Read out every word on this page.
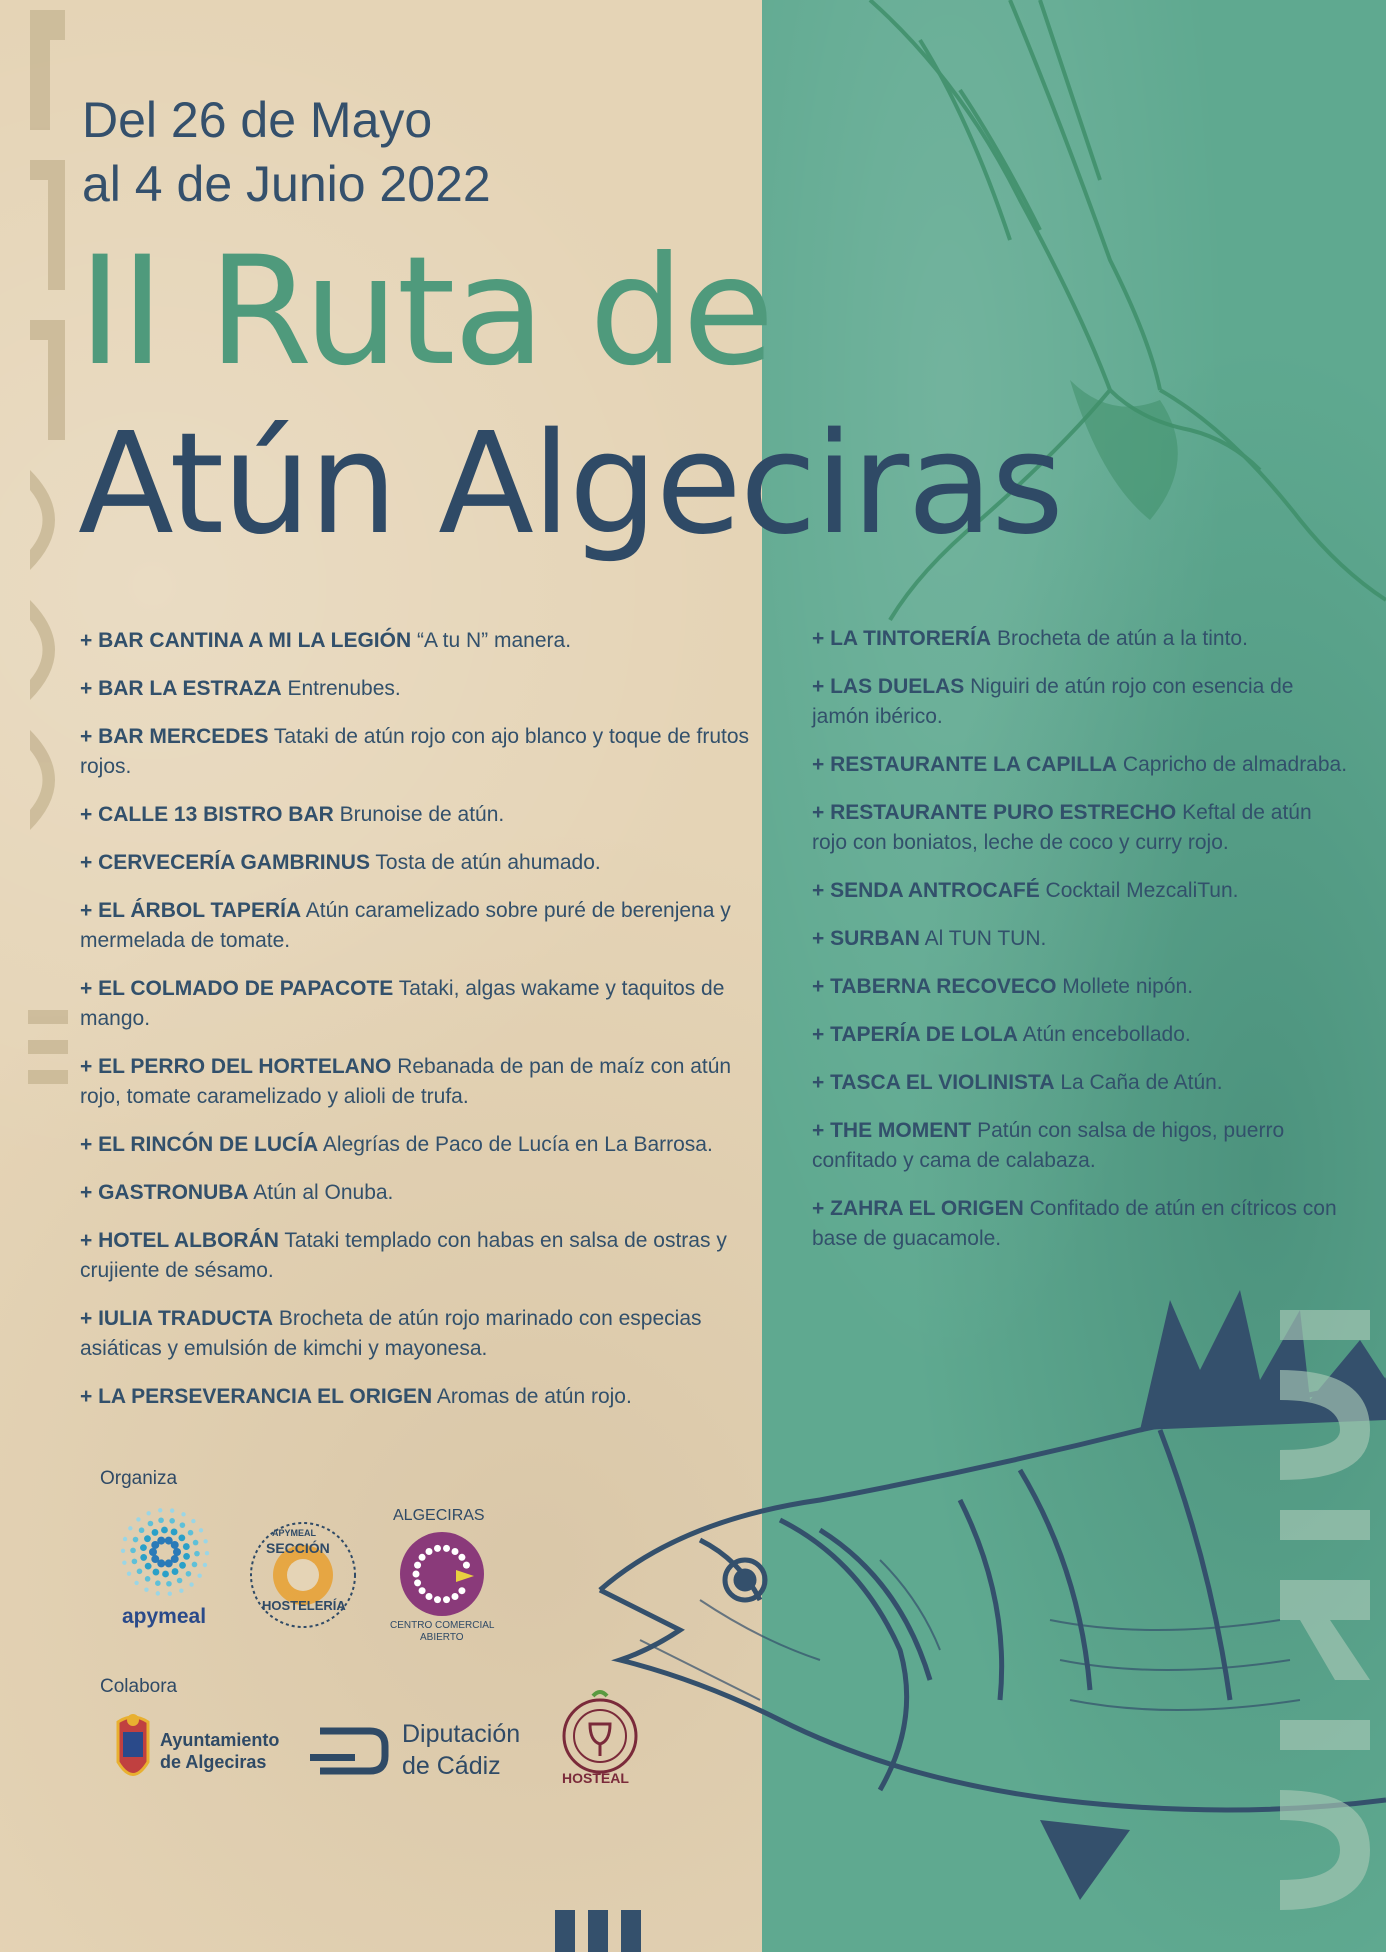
Del 26 de Mayo
al 4 de Junio 2022
II Ruta de
Atún Algeciras
+ BAR CANTINA A MI LA LEGIÓN “A tu N” manera.
+ BAR LA ESTRAZA Entrenubes.
+ BAR MERCEDES Tataki de atún rojo con ajo blanco y toque de frutos rojos.
+ CALLE 13 BISTRO BAR Brunoise de atún.
+ CERVECERÍA GAMBRINUS Tosta de atún ahumado.
+ EL ÁRBOL TAPERÍA Atún caramelizado sobre puré de berenjena y mermelada de tomate.
+ EL COLMADO DE PAPACOTE Tataki, algas wakame y taquitos de mango.
+ EL PERRO DEL HORTELANO Rebanada de pan de maíz con atún rojo, tomate caramelizado y alioli de trufa.
+ EL RINCÓN DE LUCÍA Alegrías de Paco de Lucía en La Barrosa.
+ GASTRONUBA Atún al Onuba.
+ HOTEL ALBORÁN Tataki templado con habas en salsa de ostras y crujiente de sésamo.
+ IULIA TRADUCTA Brocheta de atún rojo marinado con especias asiáticas y emulsión de kimchi y mayonesa.
+ LA PERSEVERANCIA EL ORIGEN Aromas de atún rojo.
+ LA TINTORERÍA Brocheta de atún a la tinto.
+ LAS DUELAS Niguiri de atún rojo con esencia de jamón ibérico.
+ RESTAURANTE LA CAPILLA Capricho de almadraba.
+ RESTAURANTE PURO ESTRECHO Keftal de atún rojo con boniatos, leche de coco y curry rojo.
+ SENDA ANTROCAFÉ Cocktail MezcaliTun.
+ SURBAN Al TUN TUN.
+ TABERNA RECOVECO Mollete nipón.
+ TAPERÍA DE LOLA Atún encebollado.
+ TASCA EL VIOLINISTA La Caña de Atún.
+ THE MOMENT Patún con salsa de higos, puerro confitado y cama de calabaza.
+ ZAHRA EL ORIGEN Confitado de atún en cítricos con base de guacamole.
Organiza
apymeal
APYMEAL
SECCIÓN
HOSTELERÍA
ALGECIRAS
CENTRO COMERCIAL
ABIERTO
Colabora
Ayuntamiento
de Algeciras
Diputación
de Cádiz	HOSTEAL
